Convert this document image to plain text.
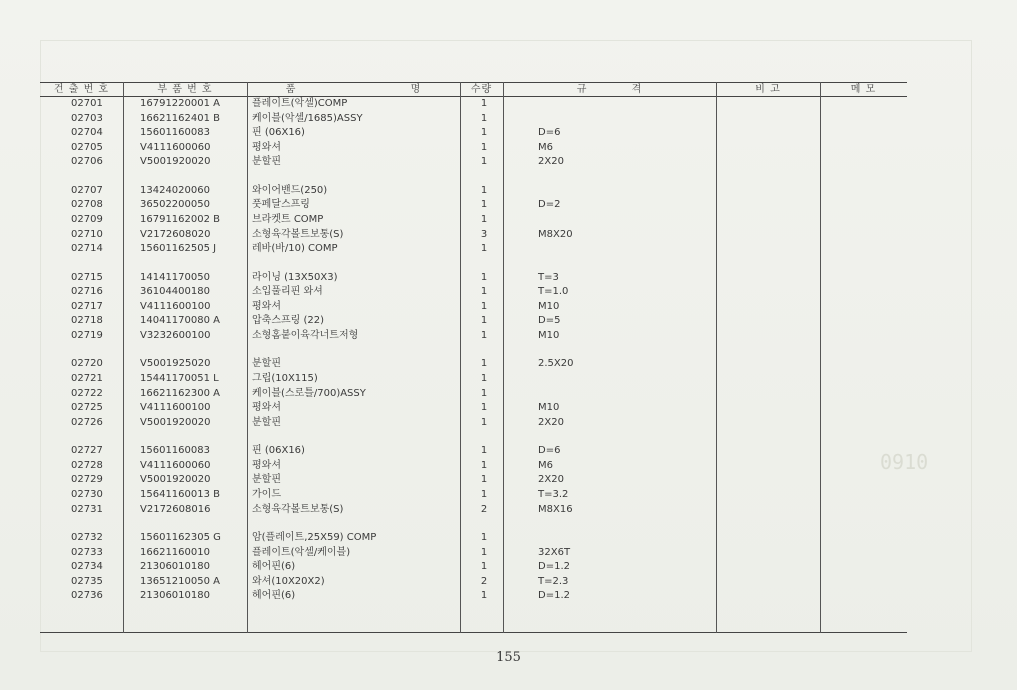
0910
건 출 번 호	부 품 번 호	품 명	수량	규 격	비 고	메 모
02701	16791220001 A	플레이트(악셀)COMP	1
02703	16621162401 B	케이블(악셀/1685)ASSY	1
02704	15601160083	핀 (06X16)	1	D=6
02705	V4111600060	평와셔	1	M6
02706	V5001920020	분할핀	1	2X20
02707	13424020060	와이어밴드(250)	1
02708	36502200050	풋페달스프링	1	D=2
02709	16791162002 B	브라켓트 COMP	1
02710	V2172608020	소형육각볼트보통(S)	3	M8X20
02714	15601162505 J	레바(바/10) COMP	1
02715	14141170050	라이닝 (13X50X3)	1	T=3
02716	36104400180	소입풀리핀 와셔	1	T=1.0
02717	V4111600100	평와셔	1	M10
02718	14041170080 A	압축스프링 (22)	1	D=5
02719	V3232600100	소형홈붙이육각너트저형	1	M10
02720	V5001925020	분할핀	1	2.5X20
02721	15441170051 L	그립(10X115)	1
02722	16621162300 A	케이블(스로틀/700)ASSY	1
02725	V4111600100	평와셔	1	M10
02726	V5001920020	분할핀	1	2X20
02727	15601160083	핀 (06X16)	1	D=6
02728	V4111600060	평와셔	1	M6
02729	V5001920020	분할핀	1	2X20
02730	15641160013 B	가이드	1	T=3.2
02731	V2172608016	소형육각볼트보통(S)	2	M8X16
02732	15601162305 G	암(플레이트,25X59) COMP	1
02733	16621160010	플레이트(악셀/케이블)	1	32X6T
02734	21306010180	헤어핀(6)	1	D=1.2
02735	13651210050 A	와셔(10X20X2)	2	T=2.3
02736	21306010180	헤어핀(6)	1	D=1.2
155
